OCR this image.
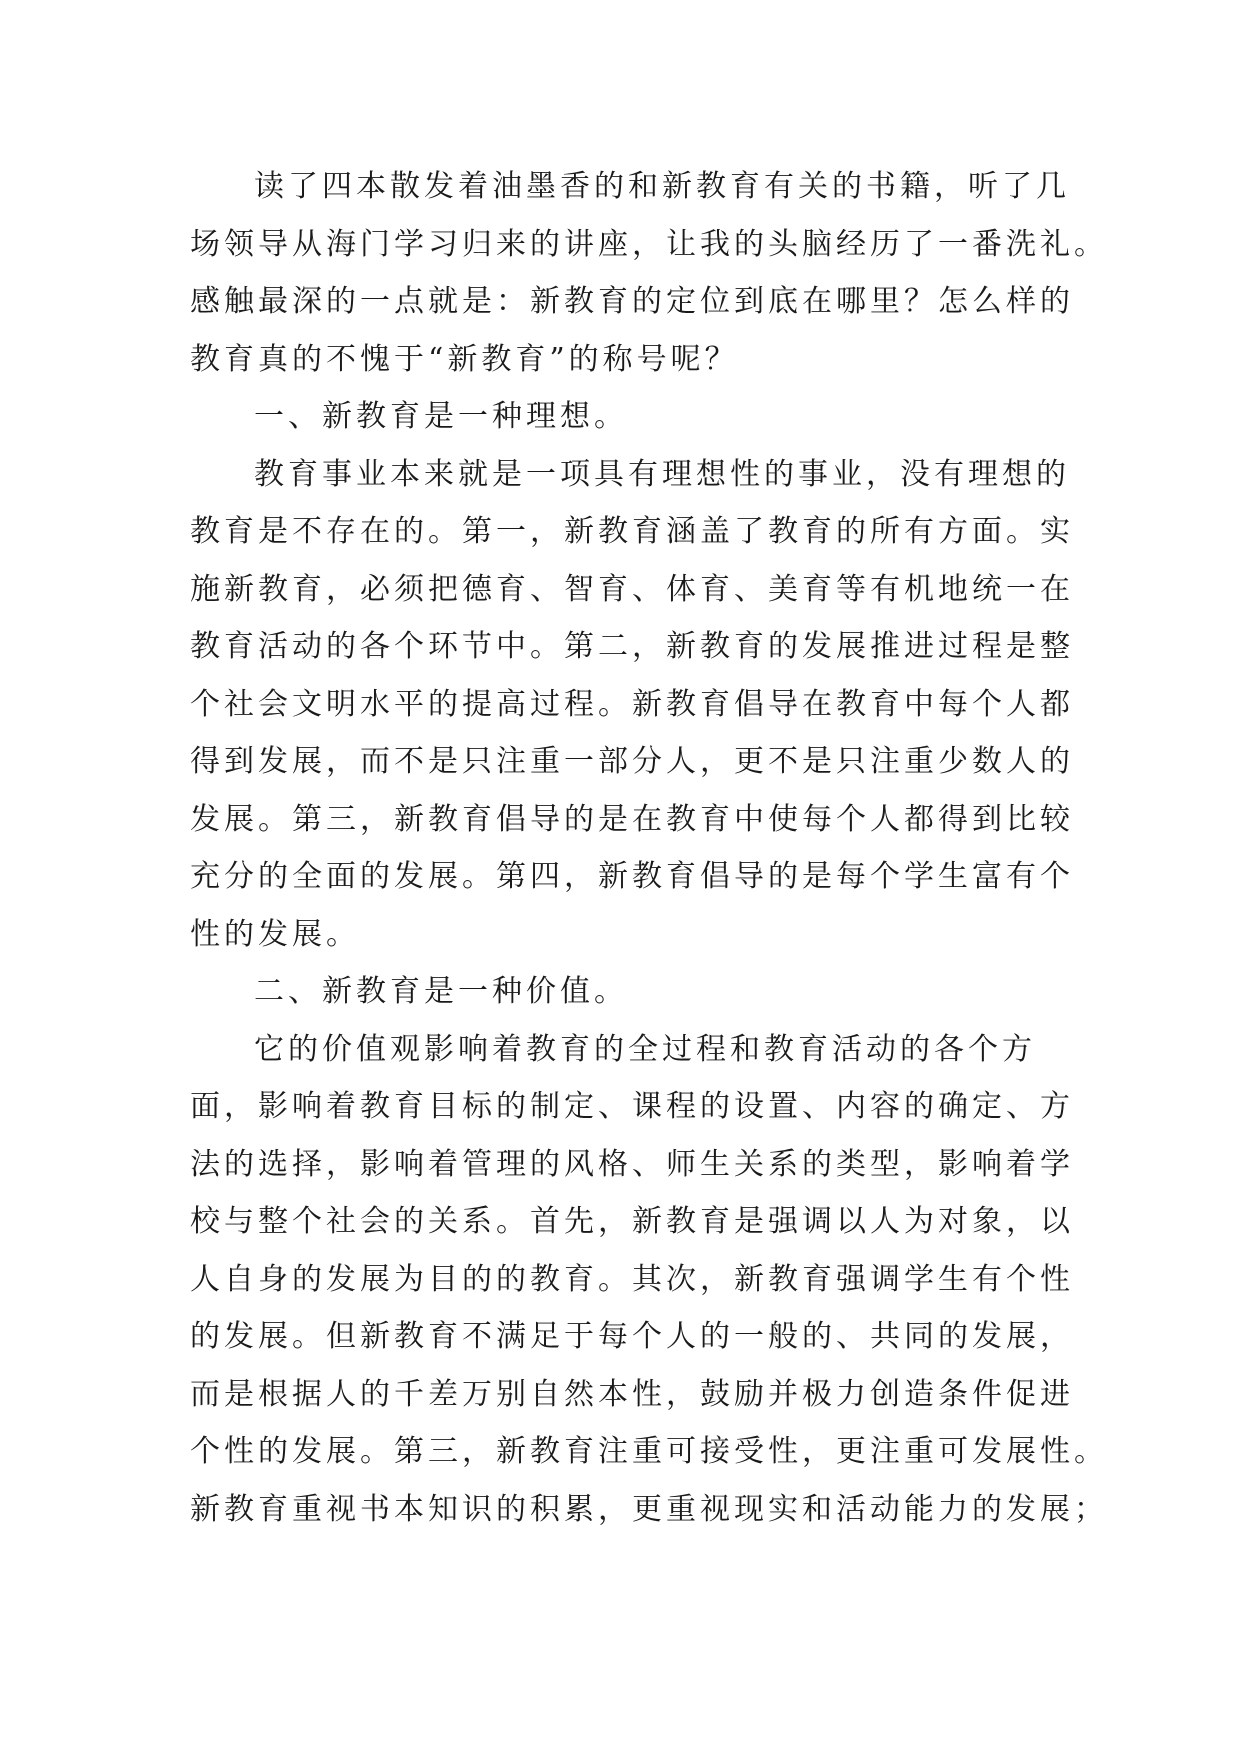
读了四本散发着油墨香的和新教育有关的书籍，听了几
场领导从海门学习归来的讲座，让我的头脑经历了一番洗礼。
感触最深的一点就是：新教育的定位到底在哪里？怎么样的
教育真的不愧于“新教育”的称号呢？
一、新教育是一种理想。
教育事业本来就是一项具有理想性的事业，没有理想的
教育是不存在的。第一，新教育涵盖了教育的所有方面。实
施新教育，必须把德育、智育、体育、美育等有机地统一在
教育活动的各个环节中。第二，新教育的发展推进过程是整
个社会文明水平的提高过程。新教育倡导在教育中每个人都
得到发展，而不是只注重一部分人，更不是只注重少数人的
发展。第三，新教育倡导的是在教育中使每个人都得到比较
充分的全面的发展。第四，新教育倡导的是每个学生富有个
性的发展。
二、新教育是一种价值。
它的价值观影响着教育的全过程和教育活动的各个方
面，影响着教育目标的制定、课程的设置、内容的确定、方
法的选择，影响着管理的风格、师生关系的类型，影响着学
校与整个社会的关系。首先，新教育是强调以人为对象，以
人自身的发展为目的的教育。其次，新教育强调学生有个性
的发展。但新教育不满足于每个人的一般的、共同的发展，
而是根据人的千差万别自然本性，鼓励并极力创造条件促进
个性的发展。第三，新教育注重可接受性，更注重可发展性。
新教育重视书本知识的积累，更重视现实和活动能力的发展；
